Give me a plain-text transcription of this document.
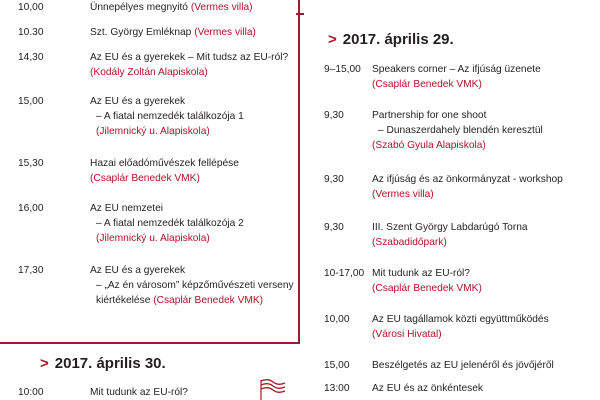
10,00	Ünnepélyes megnyitó (Vermes villa)
10.30	Szt. György Emléknap (Vermes villa)
14,30	Az EU és a gyerekek – Mit tudsz az EU-ról?
(Kodály Zoltán Alapiskola)
15,00	Az EU és a gyerekek
– A fiatal nemzedék találkozója 1
(Jilemnický u. Alapiskola)
15,30	Hazai előadóművészek fellépése
(Csaplár Benedek VMK)
16,00	Az EU nemzetei
– A fiatal nemzedék találkozója 2
(Jilemnický u. Alapiskola)
17,30	Az EU és a gyerekek
– „Az én városom” képzőművészeti verseny
kiértékelése (Csaplár Benedek VMK)
> 2017. április 30.
10:00	Mit tudunk az EU-ról?
> 2017. április 29.
9–15,00	Speakers corner – Az ifjúság üzenete
(Csaplár Benedek VMK)
9,30	Partnership for one shoot
– Dunaszerdahely blendén keresztül
(Szabó Gyula Alapiskola)
9,30	Az ifjúság és az önkormányzat - workshop
(Vermes villa)
9,30	III. Szent György Labdarúgó Torna
(Szabadidőpark)
10-17,00 Mit tudunk az EU-ról?
(Csaplár Benedek VMK)
10,00	Az EU tagállamok közti együttműködés
(Városi Hivatal)
15,00	Beszélgetés az EU jelenéről és jövőjéről
13:00	Az EU és az önkéntesek
